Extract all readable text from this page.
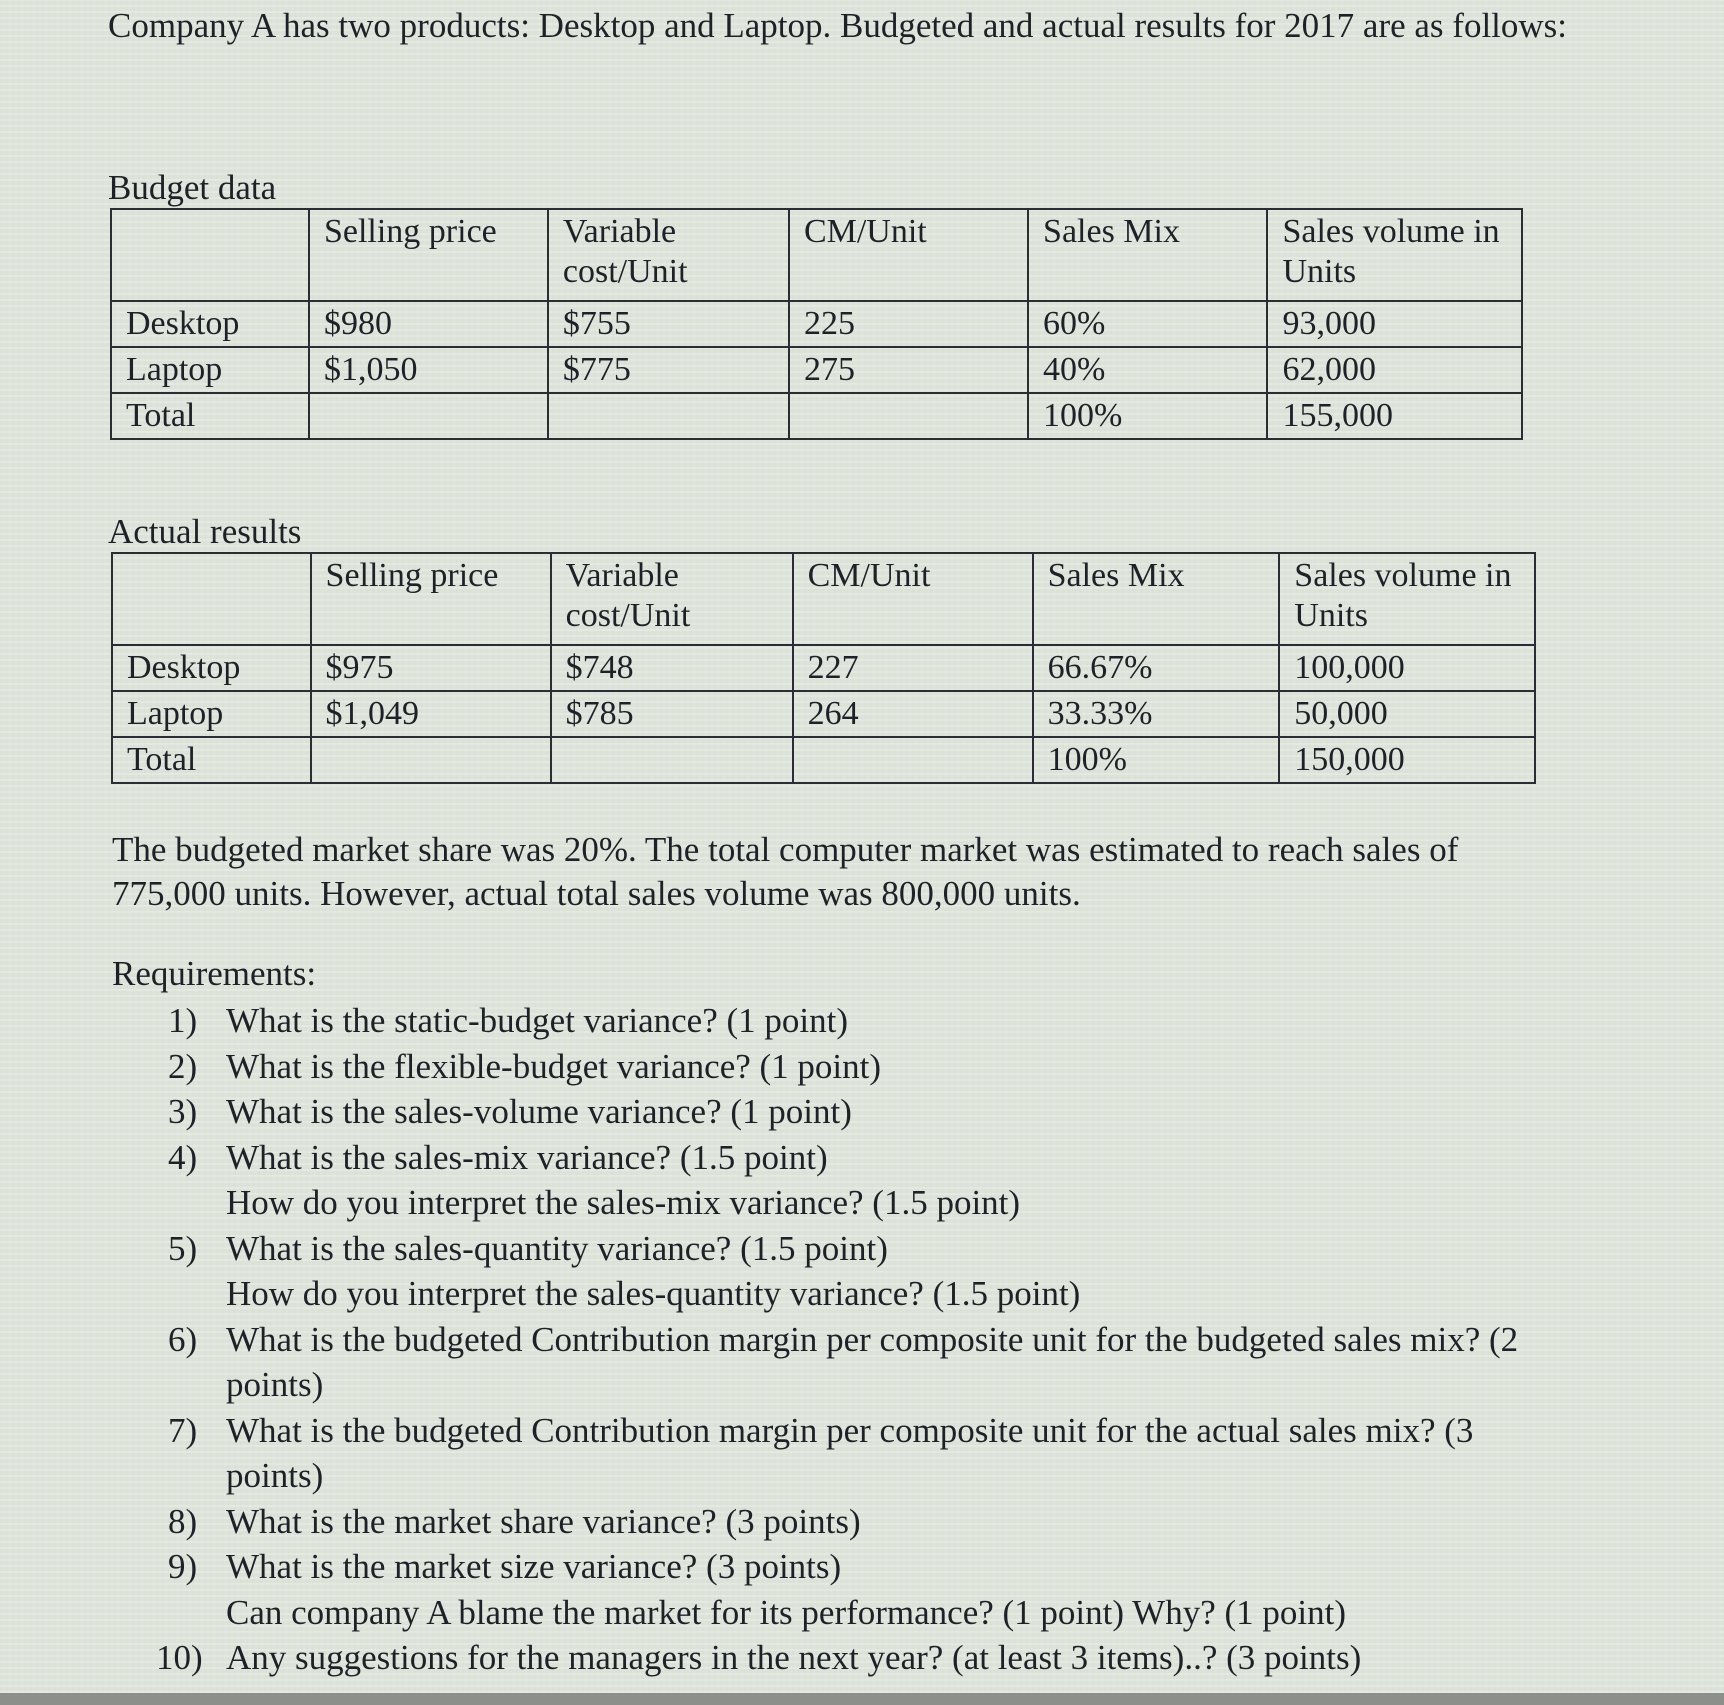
Company A has two products: Desktop and Laptop. Budgeted and actual results for 2017 are as follows:
Budget data
	Selling price	Variable cost/Unit	CM/Unit	Sales Mix	Sales volume in Units
Desktop	$980	$755	225	60%	93,000
Laptop	$1,050	$775	275	40%	62,000
Total				100%	155,000
Actual results
	Selling price	Variable cost/Unit	CM/Unit	Sales Mix	Sales volume in Units
Desktop	$975	$748	227	66.67%	100,000
Laptop	$1,049	$785	264	33.33%	50,000
Total				100%	150,000
The budgeted market share was 20%. The total computer market was estimated to reach sales of 775,000 units. However, actual total sales volume was 800,000 units.
Requirements:
1) What is the static-budget variance? (1 point)
2) What is the flexible-budget variance? (1 point)
3) What is the sales-volume variance? (1 point)
4) What is the sales-mix variance? (1.5 point)
How do you interpret the sales-mix variance? (1.5 point)
5) What is the sales-quantity variance? (1.5 point)
How do you interpret the sales-quantity variance? (1.5 point)
6) What is the budgeted Contribution margin per composite unit for the budgeted sales mix? (2 points)
7) What is the budgeted Contribution margin per composite unit for the actual sales mix? (3 points)
8) What is the market share variance? (3 points)
9) What is the market size variance? (3 points)
Can company A blame the market for its performance? (1 point) Why? (1 point)
10) Any suggestions for the managers in the next year? (at least 3 items)..? (3 points)
